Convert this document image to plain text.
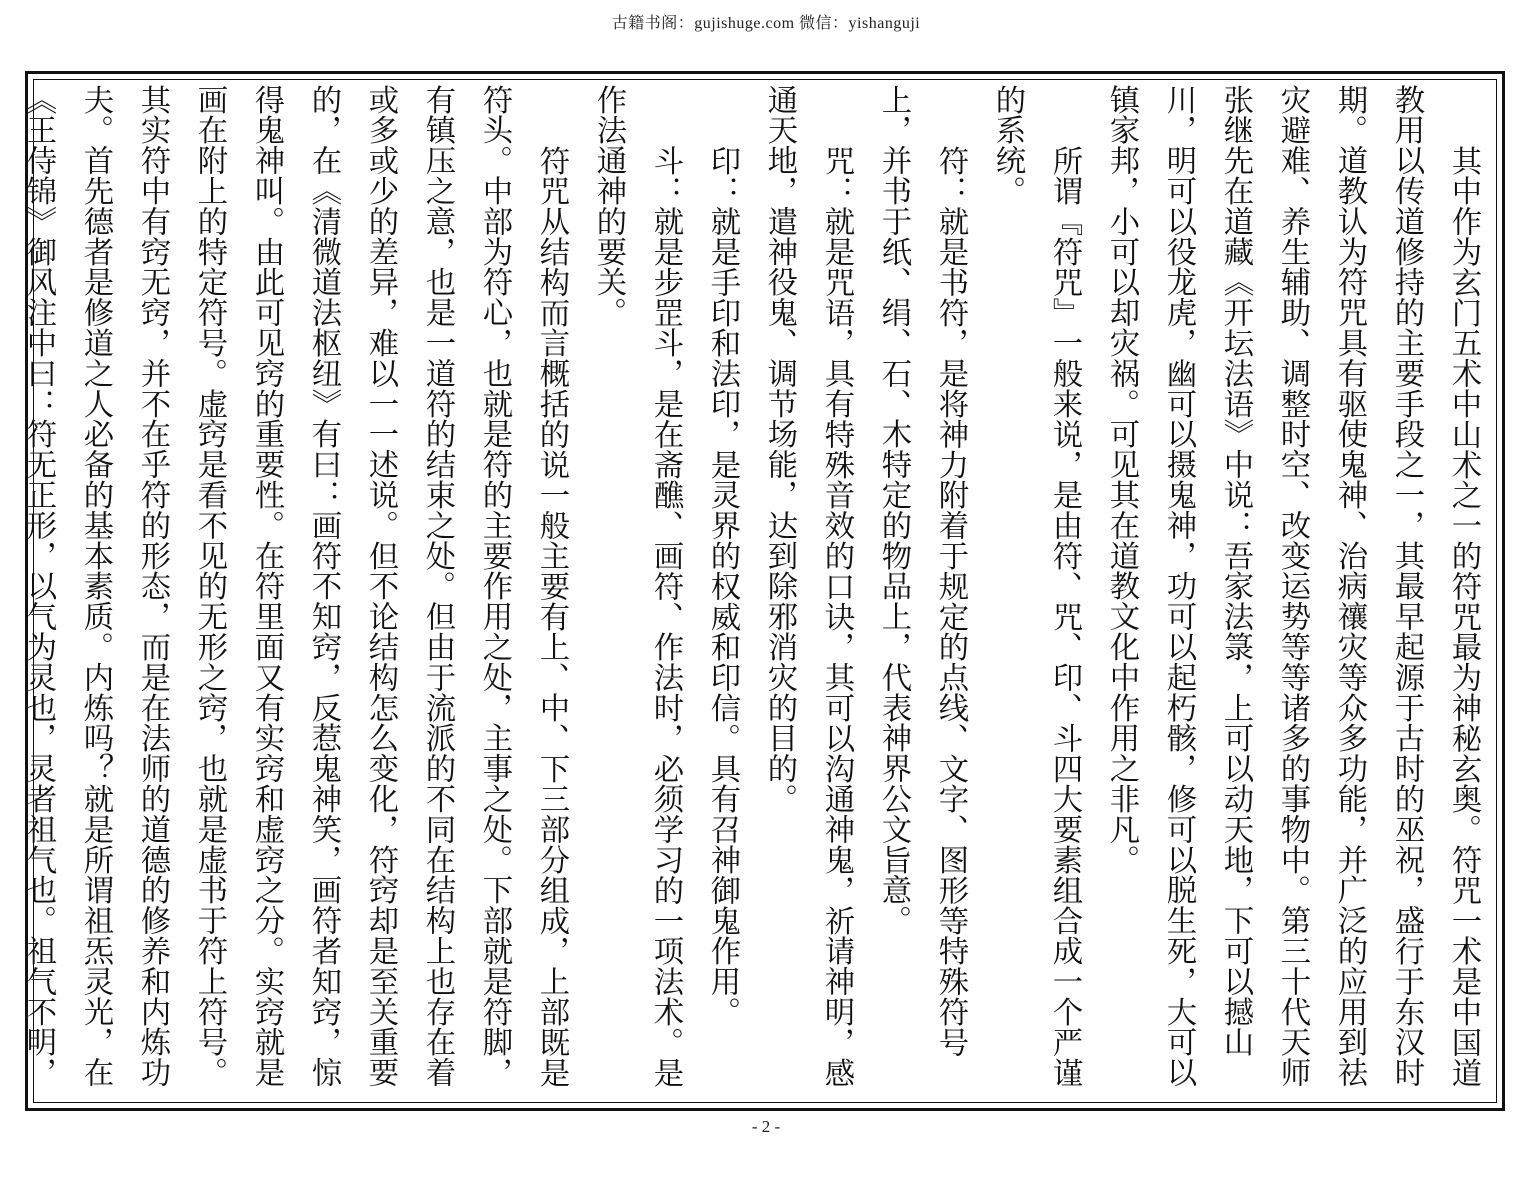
古籍书阁：gujishuge.com 微信：yishanguji

其中作为玄门五术中山术之一的符咒最为神秘玄奥。符咒一术是中国道教用以传道修持的主要手段之一，其最早起源于古时的巫祝，盛行于东汉时期。道教认为符咒具有驱使鬼神、治病禳灾等众多功能，并广泛的应用到祛灾避难、养生辅助、调整时空、改变运势等等诸多的事物中。第三十代天师张继先在道藏《开坛法语》中说：吾家法箓，上可以动天地，下可以撼山川，明可以役龙虎，幽可以摄鬼神，功可以起朽骸，修可以脱生死，大可以镇家邦，小可以却灾祸。可见其在道教文化中作用之非凡。

所谓『符咒』一般来说，是由符、咒、印、斗四大要素组合成一个严谨的系统。

符：就是书符，是将神力附着于规定的点线、文字、图形等特殊符号上，并书于纸、绢、石、木特定的物品上，代表神界公文旨意。

咒：就是咒语，具有特殊音效的口诀，其可以沟通神鬼，祈请神明，感通天地，遣神役鬼、调节场能，达到除邪消灾的目的。

印：就是手印和法印，是灵界的权威和印信。具有召神御鬼作用。

斗：就是步罡斗，是在斋醮、画符、作法时，必须学习的一项法术。是作法通神的要关。

符咒从结构而言概括的说一般主要有上、中、下三部分组成，上部既是符头。中部为符心，也就是符的主要作用之处，主事之处。下部就是符脚，有镇压之意，也是一道符的结束之处。但由于流派的不同在结构上也存在着或多或少的差异，难以一一述说。但不论结构怎么变化，符窍却是至关重要的，在《清微道法枢纽》有曰：画符不知窍，反惹鬼神笑，画符者知窍，惊得鬼神叫。由此可见窍的重要性。在符里面又有实窍和虚窍之分。实窍就是画在附上的特定符号。虚窍是看不见的无形之窍，也就是虚书于符上符号。其实符中有窍无窍，并不在乎符的形态，而是在法师的道德的修养和内炼功夫。首先德者是修道之人必备的基本素质。内炼吗？就是所谓祖炁灵光，在《王侍锦》御风注中曰：符无正形，以气为灵也，灵者祖气也。祖气不明，

- 2 -
